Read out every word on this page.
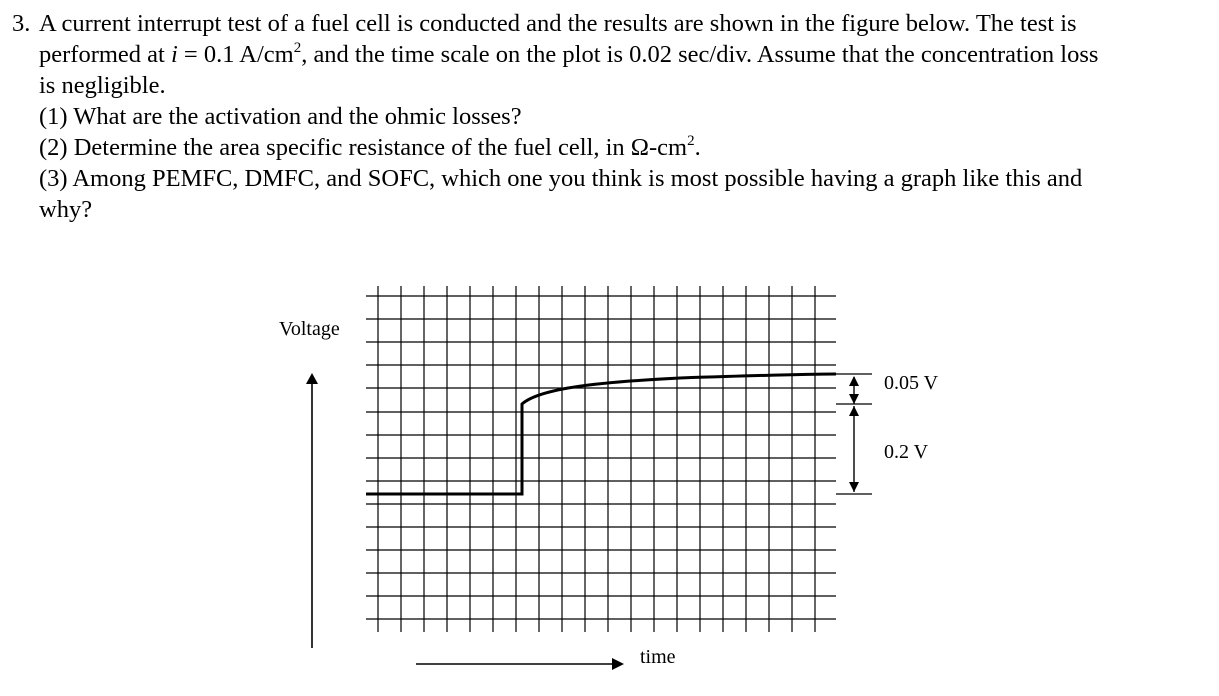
3. A current interrupt test of a fuel cell is conducted and the results are shown in the figure below. The test is
performed at i = 0.1 $A/cm^2$, and the time scale on the plot is 0.02 sec/div. Assume that the concentration loss
is negligible.
(1) What are the activation and the ohmic losses?
(2) Determine the area specific resistance of the fuel cell, in $\Omega-cm^2$.
(3) Among PEMFC, DMFC, and SOFC, which one you think is most possible having a graph like this and
why?
Voltage
time
0.05 V
0.2 V
